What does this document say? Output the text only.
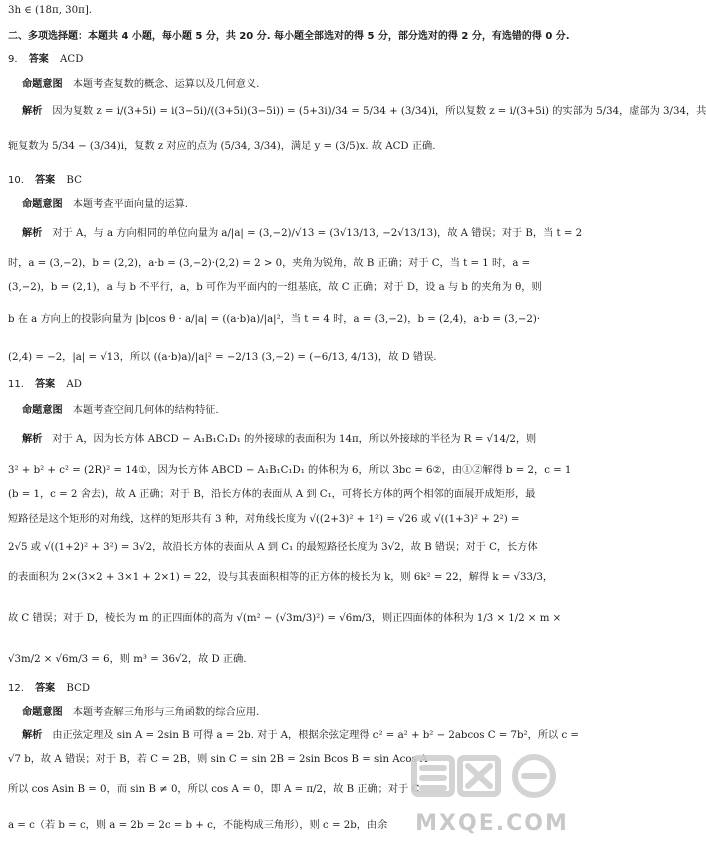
3h ∈ (18π, 30π].
二、多项选择题：本题共 4 小题，每小题 5 分，共 20 分. 每小题全部选对的得 5 分，部分选对的得 2 分，有选错的得 0 分.
9. 答案 ACD
命题意图 本题考查复数的概念、运算以及几何意义.
解析 因为复数 z = i/(3+5i) = i(3−5i)/((3+5i)(3−5i)) = (5+3i)/34 = 5/34 + (3/34)i，所以复数 z = i/(3+5i) 的实部为 5/34，虚部为 3/34，共
轭复数为 5/34 − (3/34)i，复数 z 对应的点为 (5/34, 3/34)，满足 y = (3/5)x. 故 ACD 正确.
10. 答案 BC
命题意图 本题考查平面向量的运算.
解析 对于 A，与 a 方向相同的单位向量为 a/|a| = (3,−2)/√13 = (3√13/13, −2√13/13)，故 A 错误；对于 B，当 t = 2
时，a = (3,−2)，b = (2,2)，a·b = (3,−2)·(2,2) = 2 > 0，夹角为锐角，故 B 正确；对于 C，当 t = 1 时，a =
(3,−2)，b = (2,1)，a 与 b 不平行，a，b 可作为平面内的一组基底，故 C 正确；对于 D，设 a 与 b 的夹角为 θ，则
b 在 a 方向上的投影向量为 |b|cos θ · a/|a| = ((a·b)a)/|a|²，当 t = 4 时，a = (3,−2)，b = (2,4)，a·b = (3,−2)·
(2,4) = −2，|a| = √13，所以 ((a·b)a)/|a|² = −2/13 (3,−2) = (−6/13, 4/13)，故 D 错误.
11. 答案 AD
命题意图 本题考查空间几何体的结构特征.
解析 对于 A，因为长方体 ABCD − A₁B₁C₁D₁ 的外接球的表面积为 14π，所以外接球的半径为 R = √14/2，则
3² + b² + c² = (2R)² = 14①，因为长方体 ABCD − A₁B₁C₁D₁ 的体积为 6，所以 3bc = 6②，由①②解得 b = 2，c = 1
(b = 1，c = 2 舍去)，故 A 正确；对于 B，沿长方体的表面从 A 到 C₁，可将长方体的两个相邻的面展开成矩形，最
短路径是这个矩形的对角线，这样的矩形共有 3 种，对角线长度为 √((2+3)² + 1²) = √26 或 √((1+3)² + 2²) =
2√5 或 √((1+2)² + 3²) = 3√2，故沿长方体的表面从 A 到 C₁ 的最短路径长度为 3√2，故 B 错误；对于 C，长方体
的表面积为 2×(3×2 + 3×1 + 2×1) = 22，设与其表面积相等的正方体的棱长为 k，则 6k² = 22，解得 k = √33/3，
故 C 错误；对于 D，棱长为 m 的正四面体的高为 √(m² − (√3m/3)²) = √6m/3，则正四面体的体积为 1/3 × 1/2 × m ×
√3m/2 × √6m/3 = 6，则 m³ = 36√2，故 D 正确.
12. 答案 BCD
命题意图 本题考查解三角形与三角函数的综合应用.
解析 由正弦定理及 sin A = 2sin B 可得 a = 2b. 对于 A，根据余弦定理得 c² = a² + b² − 2abcos C = 7b²，所以 c =
√7 b，故 A 错误；对于 B，若 C = 2B，则 sin C = sin 2B = 2sin Bcos B = sin Acos A
所以 cos Asin B = 0，而 sin B ≠ 0，所以 cos A = 0，即 A = π/2，故 B 正确；对于 C
a = c（若 b = c，则 a = 2b = 2c = b + c，不能构成三角形），则 c = 2b，由余	MXQE.COM
